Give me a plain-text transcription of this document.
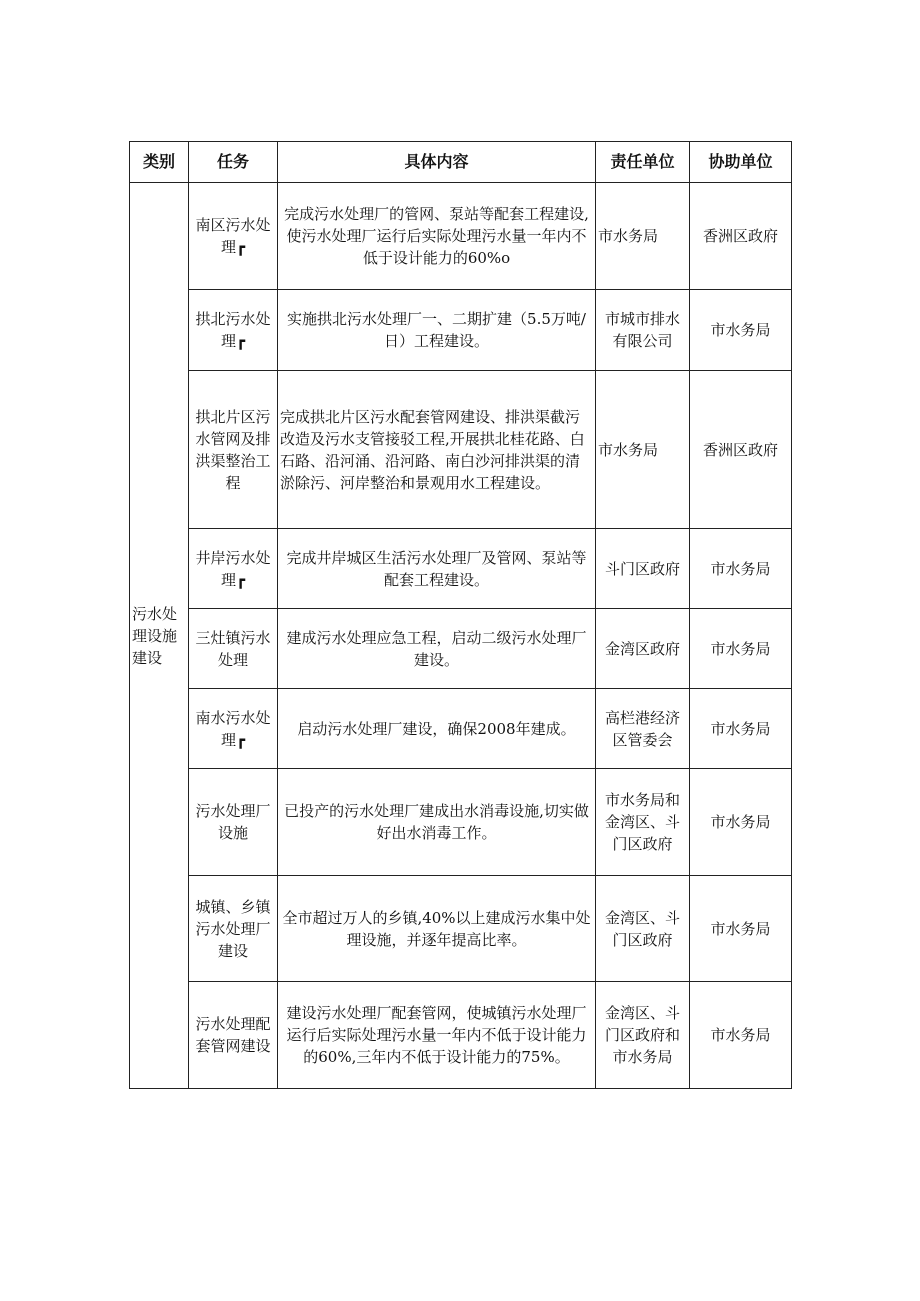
类别	任务	具体内容	责任单位	协助单位
污水处理设施建设	南区污水处理┏	完成污水处理厂的管网、泵站等配套工程建设,使污水处理厂运行后实际处理污水量一年内不低于设计能力的60%o	市水务局	香洲区政府
	拱北污水处理┏	实施拱北污水处理厂一、二期扩建（5.5万吨/日）工程建设。	市城市排水有限公司	市水务局
	拱北片区污水管网及排洪渠整治工程	完成拱北片区污水配套管网建设、排洪渠截污改造及污水支管接驳工程,开展拱北桂花路、白石路、沿河涌、沿河路、南白沙河排洪渠的清淤除污、河岸整治和景观用水工程建设。	市水务局	香洲区政府
	井岸污水处理┏	完成井岸城区生活污水处理厂及管网、泵站等配套工程建设。	斗门区政府	市水务局
	三灶镇污水处理	建成污水处理应急工程，启动二级污水处理厂建设。	金湾区政府	市水务局
	南水污水处理┏	启动污水处理厂建设，确保2008年建成。	高栏港经济区管委会	市水务局
	污水处理厂设施	已投产的污水处理厂建成出水消毒设施,切实做好出水消毒工作。	市水务局和金湾区、斗门区政府	市水务局
	城镇、乡镇污水处理厂建设	全市超过万人的乡镇,40%以上建成污水集中处理设施，并逐年提高比率。	金湾区、斗门区政府	市水务局
	污水处理配套管网建设	建设污水处理厂配套管网，使城镇污水处理厂运行后实际处理污水量一年内不低于设计能力的60%,三年内不低于设计能力的75%。	金湾区、斗门区政府和市水务局	市水务局
